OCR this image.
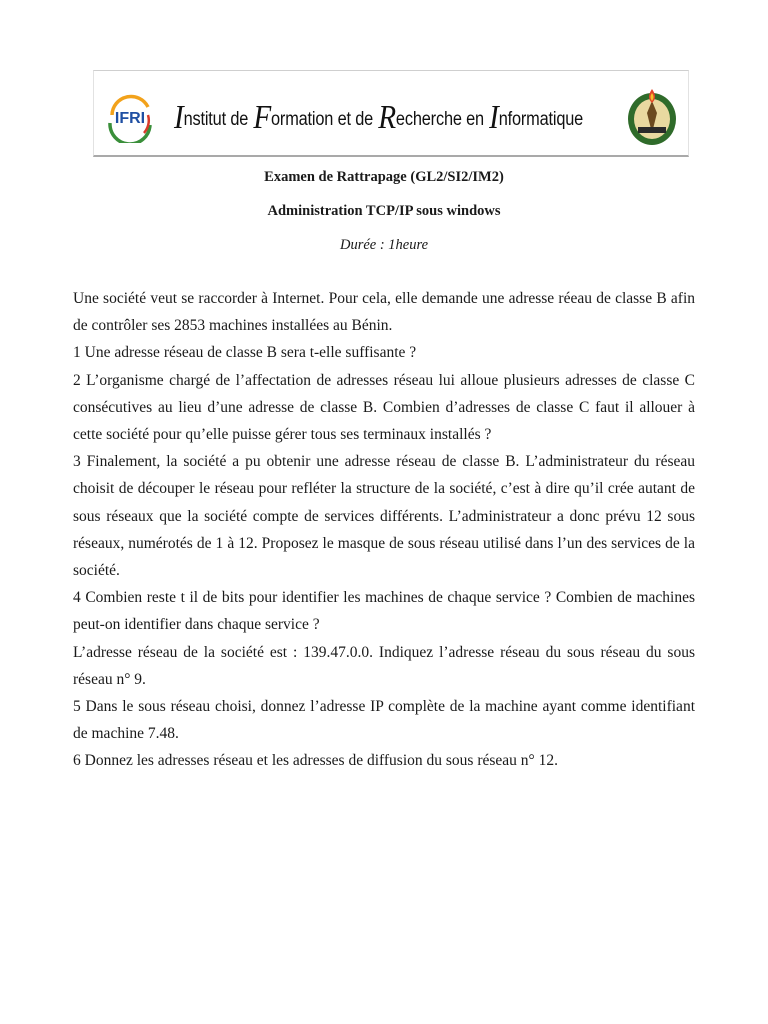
IFRI Institut de Formation et de Recherche en Informatique
Examen de Rattrapage (GL2/SI2/IM2)
Administration TCP/IP sous windows
Durée : 1heure

Une société veut se raccorder à Internet. Pour cela, elle demande une adresse réeau de classe B afin de contrôler ses 2853 machines installées au Bénin.

1 Une adresse réseau de classe B sera t-elle suffisante ?

2 L’organisme chargé de l’affectation de adresses réseau lui alloue plusieurs adresses de classe C consécutives au lieu d’une adresse de classe B. Combien d’adresses de classe C faut il allouer à cette société pour qu’elle puisse gérer tous ses terminaux installés ?

3 Finalement, la société a pu obtenir une adresse réseau de classe B. L’administrateur du réseau choisit de découper le réseau pour refléter la structure de la société, c’est à dire qu’il crée autant de sous réseaux que la société compte de services différents. L’administrateur a donc prévu 12 sous réseaux, numérotés de 1 à 12. Proposez le masque de sous réseau utilisé dans l’un des services de la société.

4 Combien reste t il de bits pour identifier les machines de chaque service ? Combien de machines peut-on identifier dans chaque service ?

L’adresse réseau de la société est : 139.47.0.0. Indiquez l’adresse réseau du sous réseau du sous réseau n° 9.

5 Dans le sous réseau choisi, donnez l’adresse IP complète de la machine ayant comme identifiant de machine 7.48.

6 Donnez les adresses réseau et les adresses de diffusion du sous réseau n° 12.
